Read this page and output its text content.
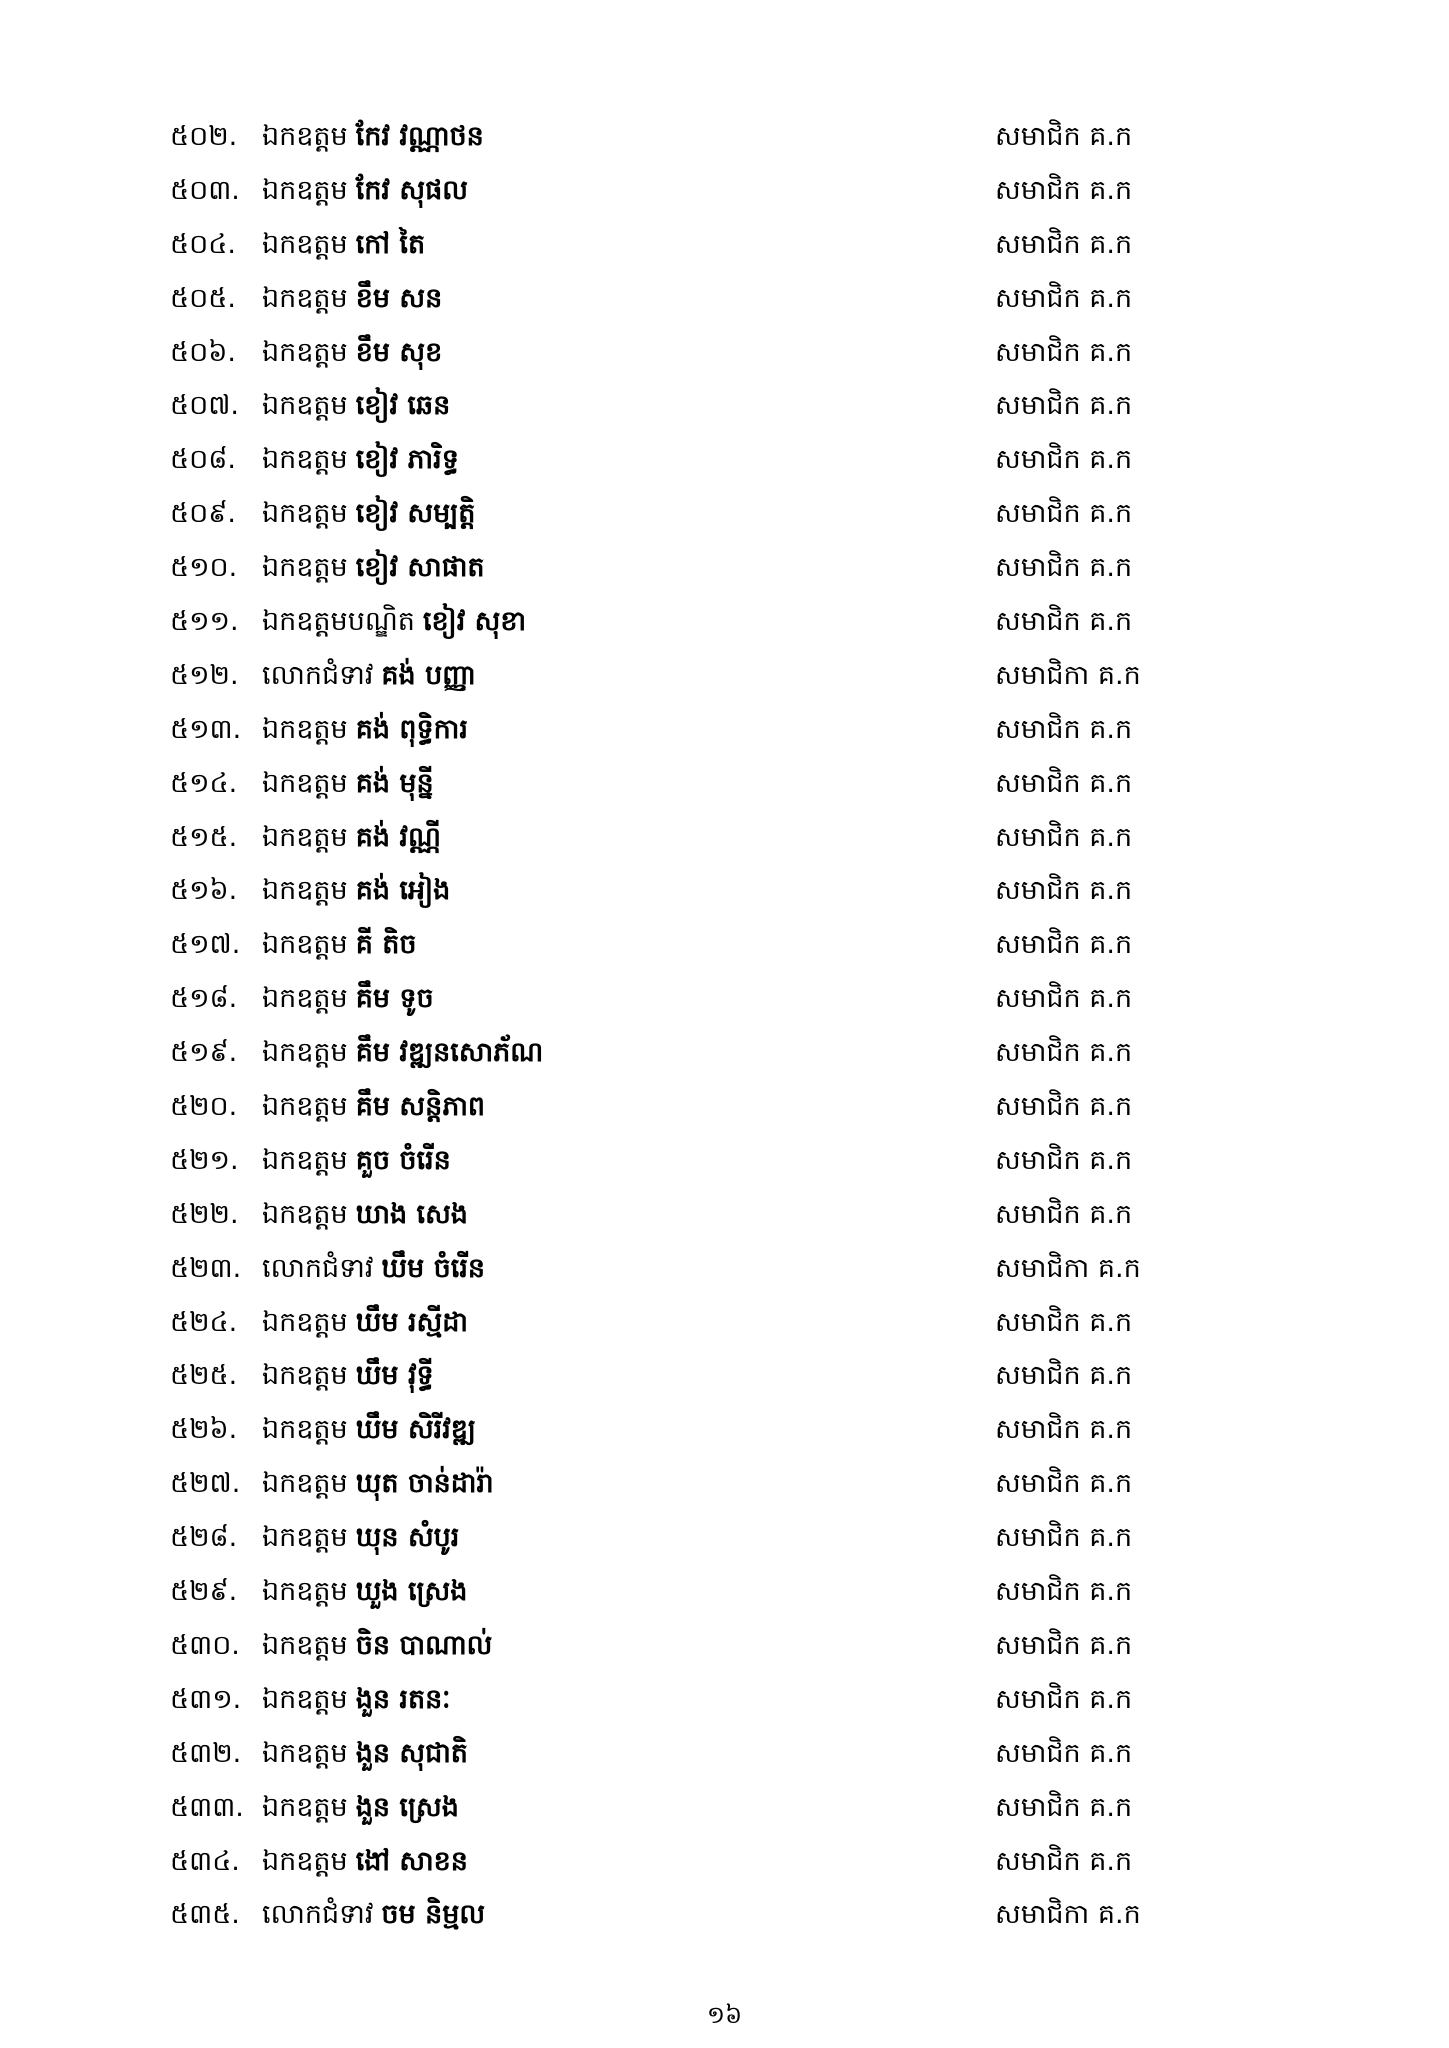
៥០២. ឯកឧត្តម កែវ វណ្ណាថន	សមាជិក គ.ក
៥០៣. ឯកឧត្តម កែវ សុផល	សមាជិក គ.ក
៥០៤. ឯកឧត្តម កៅ តៃ	សមាជិក គ.ក
៥០៥. ឯកឧត្តម ខឹម សន	សមាជិក គ.ក
៥០៦. ឯកឧត្តម ខឹម សុខ	សមាជិក គ.ក
៥០៧. ឯកឧត្តម ខៀវ ឆេន	សមាជិក គ.ក
៥០៨. ឯកឧត្តម ខៀវ ភារិទ្ធ	សមាជិក គ.ក
៥០៩. ឯកឧត្តម ខៀវ សម្បត្តិ	សមាជិក គ.ក
៥១០. ឯកឧត្តម ខៀវ សាផាត	សមាជិក គ.ក
៥១១. ឯកឧត្តមបណ្ឌិត ខៀវ សុខា	សមាជិក គ.ក
៥១២. លោកជំទាវ គង់ បញ្ញា	សមាជិកា គ.ក
៥១៣. ឯកឧត្តម គង់ ពុទ្ធិការ	សមាជិក គ.ក
៥១៤. ឯកឧត្តម គង់ មុន្នី	សមាជិក គ.ក
៥១៥. ឯកឧត្តម គង់ វណ្ណី	សមាជិក គ.ក
៥១៦. ឯកឧត្តម គង់ អៀង	សមាជិក គ.ក
៥១៧. ឯកឧត្តម គី តិច	សមាជិក គ.ក
៥១៨. ឯកឧត្តម គឹម ទូច	សមាជិក គ.ក
៥១៩. ឯកឧត្តម គឹម វឌ្ឍនសោភ័ណ	សមាជិក គ.ក
៥២០. ឯកឧត្តម គឹម សន្តិភាព	សមាជិក គ.ក
៥២១. ឯកឧត្តម គួច ចំរើន	សមាជិក គ.ក
៥២២. ឯកឧត្តម ឃាង សេង	សមាជិក គ.ក
៥២៣. លោកជំទាវ ឃឹម ចំរើន	សមាជិកា គ.ក
៥២៤. ឯកឧត្តម ឃឹម រស្មីដា	សមាជិក គ.ក
៥២៥. ឯកឧត្តម ឃឹម វុទ្ធី	សមាជិក គ.ក
៥២៦. ឯកឧត្តម ឃឹម សិរីវឌ្ឍ	សមាជិក គ.ក
៥២៧. ឯកឧត្តម ឃុត ចាន់ដារ៉ា	សមាជិក គ.ក
៥២៨. ឯកឧត្តម ឃុន សំបូរ	សមាជិក គ.ក
៥២៩. ឯកឧត្តម ឃួង ស្រេង	សមាជិក គ.ក
៥៣០. ឯកឧត្តម ចិន បាណាល់	សមាជិក គ.ក
៥៣១. ឯកឧត្តម ងួន រតនៈ	សមាជិក គ.ក
៥៣២. ឯកឧត្តម ងួន សុជាតិ	សមាជិក គ.ក
៥៣៣. ឯកឧត្តម ងួន ស្រេង	សមាជិក គ.ក
៥៣៤. ឯកឧត្តម ងៅ សាខន	សមាជិក គ.ក
៥៣៥. លោកជំទាវ ចម និម្មល	សមាជិកា គ.ក
១៦
